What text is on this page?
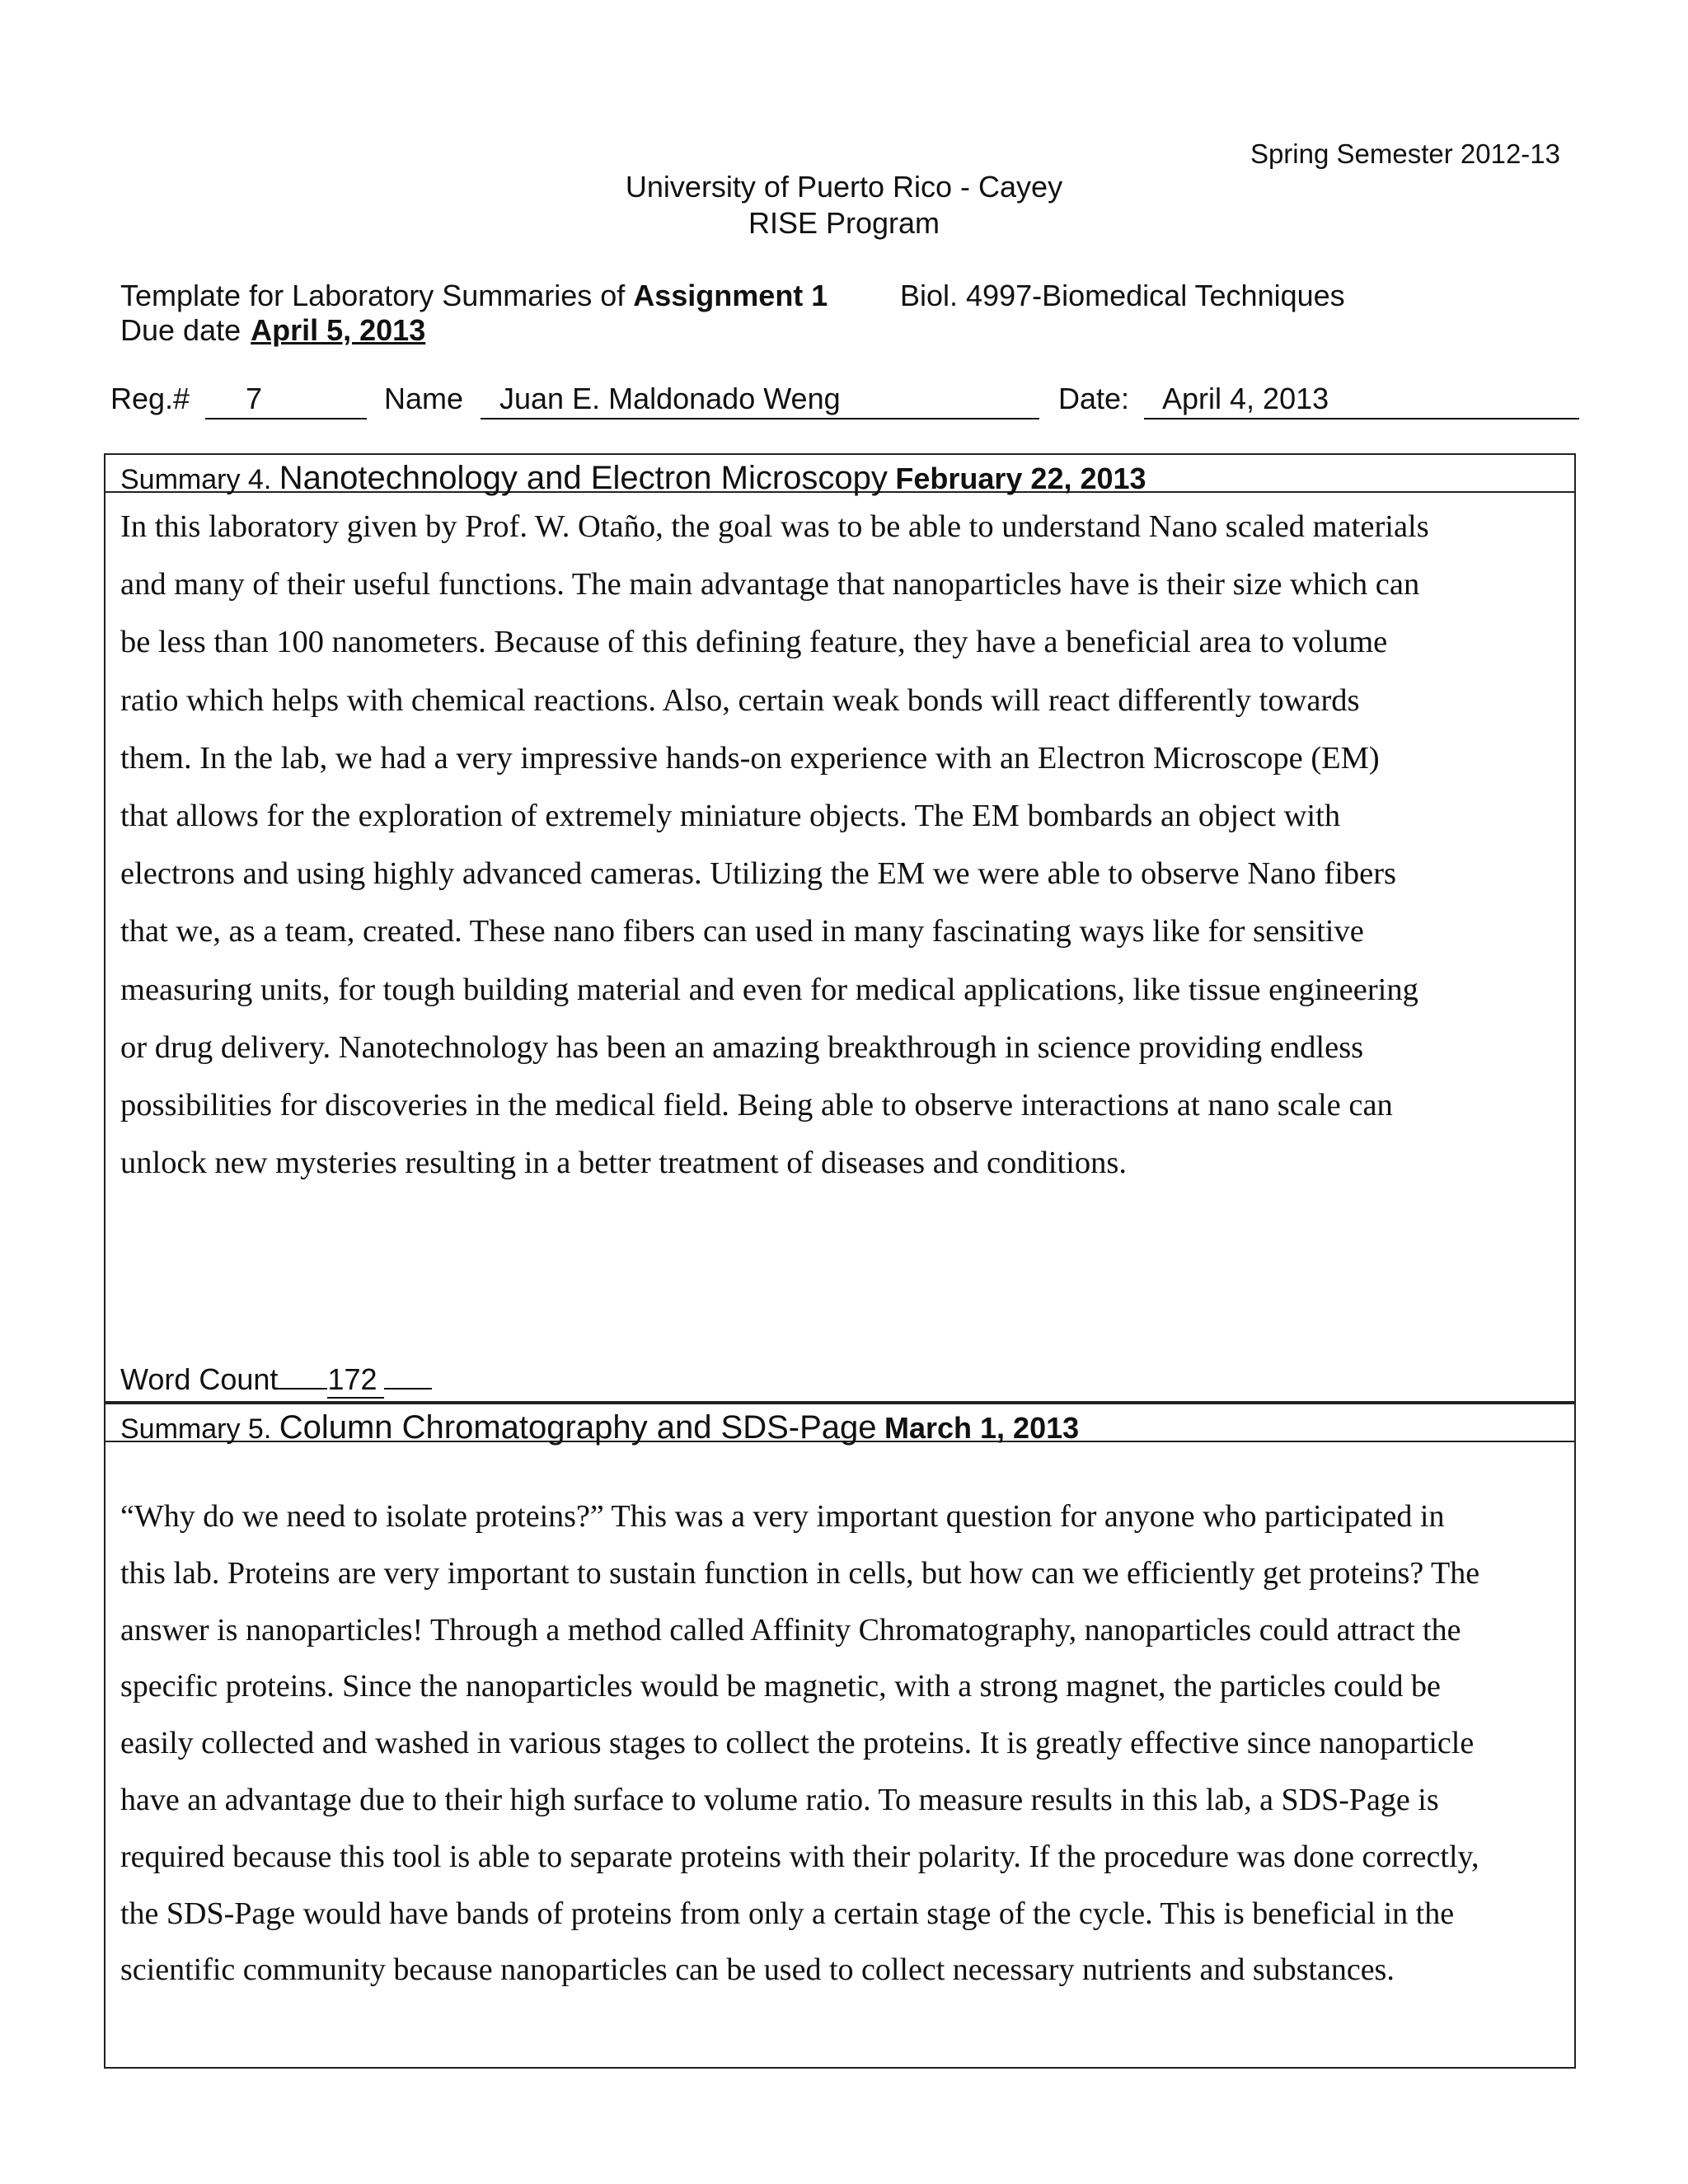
Spring Semester 2012-13
University of Puerto Rico - Cayey
RISE Program
Template for Laboratory Summaries of Assignment 1 Biol. 4997-Biomedical Techniques
Due date April 5, 2013
Reg.# 7	Name Juan E. Maldonado Weng	Date: April 4, 2013
Summary 4. Nanotechnology and Electron Microscopy February 22, 2013
In this laboratory given by Prof. W. Otaño, the goal was to be able to understand Nano scaled materials
and many of their useful functions. The main advantage that nanoparticles have is their size which can
be less than 100 nanometers. Because of this defining feature, they have a beneficial area to volume
ratio which helps with chemical reactions. Also, certain weak bonds will react differently towards
them. In the lab, we had a very impressive hands-on experience with an Electron Microscope (EM)
that allows for the exploration of extremely miniature objects. The EM bombards an object with
electrons and using highly advanced cameras. Utilizing the EM we were able to observe Nano fibers
that we, as a team, created. These nano fibers can used in many fascinating ways like for sensitive
measuring units, for tough building material and even for medical applications, like tissue engineering
or drug delivery. Nanotechnology has been an amazing breakthrough in science providing endless
possibilities for discoveries in the medical field. Being able to observe interactions at nano scale can
unlock new mysteries resulting in a better treatment of diseases and conditions.
Word Count 172
Summary 5. Column Chromatography and SDS-Page March 1, 2013
“Why do we need to isolate proteins?” This was a very important question for anyone who participated in
this lab. Proteins are very important to sustain function in cells, but how can we efficiently get proteins? The
answer is nanoparticles! Through a method called Affinity Chromatography, nanoparticles could attract the
specific proteins. Since the nanoparticles would be magnetic, with a strong magnet, the particles could be
easily collected and washed in various stages to collect the proteins. It is greatly effective since nanoparticle
have an advantage due to their high surface to volume ratio. To measure results in this lab, a SDS-Page is
required because this tool is able to separate proteins with their polarity. If the procedure was done correctly,
the SDS-Page would have bands of proteins from only a certain stage of the cycle. This is beneficial in the
scientific community because nanoparticles can be used to collect necessary nutrients and substances.
